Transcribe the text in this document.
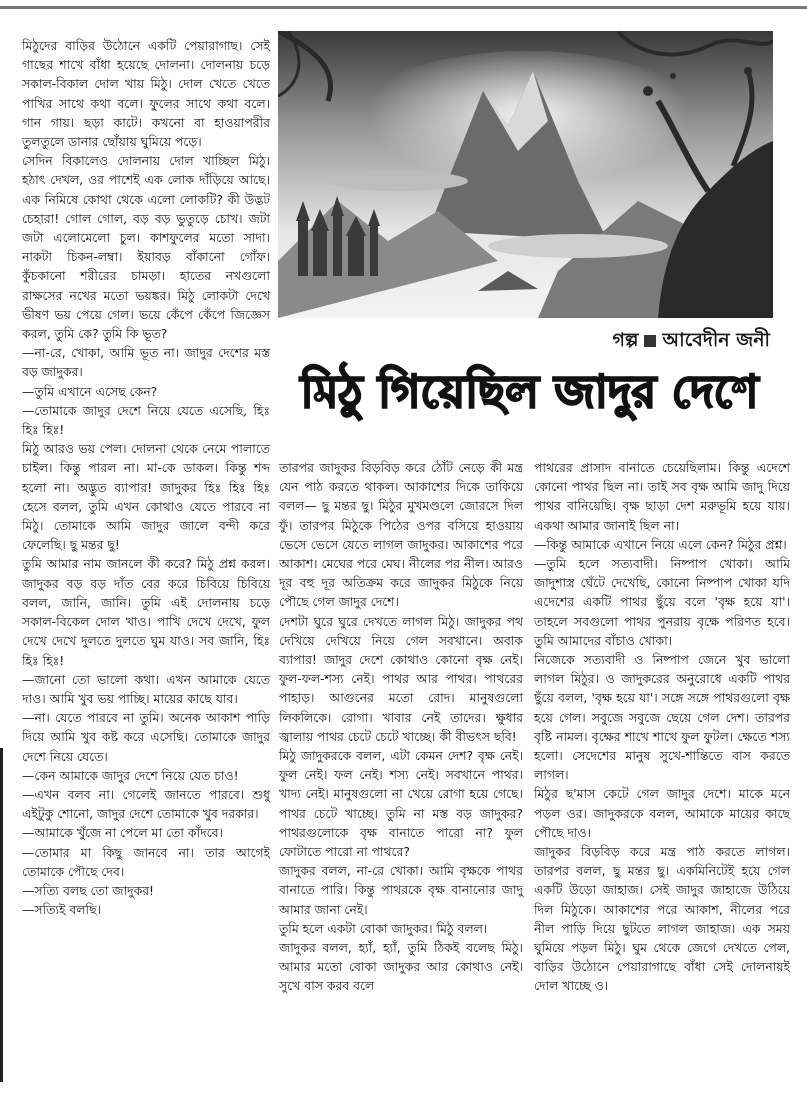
মিঠুদের বাড়ির উঠোনে একটি পেয়ারাগাছ। সেই গাছের শাখে বাঁধা হয়েছে দোলনা। দোলনায় চড়ে সকাল-বিকাল দোল খায় মিঠু। দোল খেতে খেতে পাখির সাথে কথা বলে। ফুলের সাথে কথা বলে। গান গায়। ছড়া কাটে। কখনো বা হাওয়াপরীর তুলতুলে ডানার ছোঁয়ায় ঘুমিয়ে পড়ে।

সেদিন বিকালেও দোলনায় দোল খাচ্ছিল মিঠু। হঠাৎ দেখল, ওর পাশেই এক লোক দাঁড়িয়ে আছে। এক নিমিষে কোথা থেকে এলো লোকটি? কী উদ্ভট চেহারা! গোল গোল, বড় বড় ভুতুড়ে চোখ। জটা জটা এলোমেলো চুল। কাশফুলের মতো সাদা। নাকটা চিকন-লম্বা। ইয়াবড় বাঁকানো গোঁফ। কুঁচকানো শরীরের চামড়া। হাতের নখগুলো রাক্ষসের নখের মতো ভয়ঙ্কর। মিঠু লোকটা দেখে ভীষণ ভয় পেয়ে গেল। ভয়ে কেঁপে কেঁপে জিজ্ঞেস করল, তুমি কে? তুমি কি ভূত?

—না-রে, খোকা, আমি ভূত না। জাদুর দেশের মস্ত বড় জাদুকর।

—তুমি এখানে এসেছ কেন?

—তোমাকে জাদুর দেশে নিয়ে যেতে এসেছি, হিঃ হিঃ হিঃ!

মিঠু আরও ভয় পেল। দোলনা থেকে নেমে পালাতে চাইল। কিন্তু পারল না। মা-কে ডাকল। কিন্তু শব্দ হলো না। অদ্ভুত ব্যাপার! জাদুকর হিঃ হিঃ হিঃ হেসে বলল, তুমি এখন কোথাও যেতে পারবে না মিঠু। তোমাকে আমি জাদুর জালে বন্দী করে ফেলেছি। ছু মন্তর ছু!

তুমি আমার নাম জানলে কী করে? মিঠু প্রশ্ন করল। জাদুকর বড় বড় দাঁত বের করে চিবিয়ে চিবিয়ে বলল, জানি, জানি। তুমি এই দোলনায় চড়ে সকাল-বিকেল দোল খাও। পাখি দেখে দেখে, ফুল দেখে দেখে দুলতে দুলতে ঘুম যাও। সব জানি, হিঃ হিঃ হিঃ!

—জানো তো ভালো কথা। এখন আমাকে যেতে দাও। আমি খুব ভয় পাচ্ছি। মায়ের কাছে যাব।

—না। যেতে পারবে না তুমি। অনেক আকাশ পাড়ি দিয়ে আমি খুব কষ্ট করে এসেছি। তোমাকে জাদুর দেশে নিয়ে যেতে।

—কেন আমাকে জাদুর দেশে নিয়ে যেত চাও!

—এখন বলব না। গেলেই জানতে পারবে। শুধু এইটুকু শোনো, জাদুর দেশে তোমাকে খুব দরকার।

—আমাকে খুঁজে না পেলে মা তো কাঁদবে।

—তোমার মা কিছু জানবে না। তার আগেই তোমাকে পৌছে দেব।

—সত্যি বলছ তো জাদুকর!

—সত্যিই বলছি।

গল্প আবেদীন জনী
মিঠু গিয়েছিল জাদুর দেশে

তারপর জাদুকর বিড়বিড় করে ঠোঁট নেড়ে কী মন্ত্র যেন পাঠ করতে থাকল। আকাশের দিকে তাকিয়ে বলল— ছু মন্তর ছু। মিঠুর মুখমণ্ডলে জোরসে দিল ফুঁ। তারপর মিঠুকে পিঠের ওপর বসিয়ে হাওয়ায় ভেসে ভেসে যেতে লাগল জাদুকর। আকাশের পরে আকাশ। মেঘের পরে মেঘ। নীলের পর নীল। আরও দূর বহু দূর অতিক্রম করে জাদুকর মিঠুকে নিয়ে পৌছে গেল জাদুর দেশে।

দেশটা ঘুরে ঘুরে দেখতে লাগল মিঠু। জাদুকর পথ দেখিয়ে দেখিয়ে নিয়ে গেল সবখানে। অবাক ব্যাপার! জাদুর দেশে কোথাও কোনো বৃক্ষ নেই। ফুল-ফল-শস্য নেই। পাথর আর পাথর। পাথরের পাহাড়। আগুনের মতো রোদ। মানুষগুলো লিকলিকে। রোগা। খাবার নেই তাদের। ক্ষুধার জ্বালায় পাথর চেটে চেটে খাচ্ছে। কী বীভৎস ছবি!

মিঠু জাদুকরকে বলল, এটা কেমন দেশ? বৃক্ষ নেই। ফুল নেই। ফল নেই। শস্য নেই। সবখানে পাথর। খাদ্য নেই। মানুষগুলো না খেয়ে রোগা হয়ে গেছে। পাথর চেটে খাচ্ছে। তুমি না মস্ত বড় জাদুকর? পাথরগুলোকে বৃক্ষ বানাতে পারো না? ফুল ফোটাতে পারো না পাথরে?

জাদুকর বলল, না-রে খোকা। আমি বৃক্ষকে পাথর বানাতে পারি। কিন্তু পাথরকে বৃক্ষ বানানোর জাদু আমার জানা নেই।

তুমি হলে একটা বোকা জাদুকর। মিঠু বলল।

জাদুকর বলল, হ্যাঁ, হ্যাঁ, তুমি ঠিকই বলেছ মিঠু। আমার মতো বোকা জাদুকর আর কোথাও নেই। সুখে বাস করব বলে

পাথরের প্রাসাদ বানাতে চেয়েছিলাম। কিন্তু এদেশে কোনো পাথর ছিল না। তাই সব বৃক্ষ আমি জাদু দিয়ে পাথর বানিয়েছি। বৃক্ষ ছাড়া দেশ মরুভূমি হয়ে যায়। একথা আমার জানাই ছিল না।

—কিন্তু আমাকে এখানে নিয়ে এলে কেন? মিঠুর প্রশ্ন।

—তুমি হলে সত্যবাদী। নিষ্পাপ খোকা। আমি জাদুশাস্ত্র ঘেঁটে দেখেছি, কোনো নিষ্পাপ খোকা যদি এদেশের একটি পাথর ছুঁয়ে বলে 'বৃক্ষ হয়ে যা'। তাহলে সবগুলো পাথর পুনরায় বৃক্ষে পরিণত হবে। তুমি আমাদের বাঁচাও খোকা।

নিজেকে সত্যবাদী ও নিষ্পাপ জেনে খুব ভালো লাগল মিঠুর। ও জাদুকরের অনুরোধে একটি পাথর ছুঁয়ে বলল, 'বৃক্ষ হয়ে যা'। সঙ্গে সঙ্গে পাথরগুলো বৃক্ষ হয়ে গেল। সবুজে সবুজে ছেয়ে গেল দেশ। তারপর বৃষ্টি নামল। বৃক্ষের শাখে শাখে ফুল ফুটল। ক্ষেতে শস্য হলো। সেদেশের মানুষ সুখে-শান্তিতে বাস করতে লাগল।

মিঠুর ছ'মাস কেটে গেল জাদুর দেশে। মাকে মনে পড়ল ওর। জাদুকরকে বলল, আমাকে মায়ের কাছে পৌছে দাও।

জাদুকর বিড়বিড় করে মন্ত্র পাঠ করতে লাগল। তারপর বলল, ছু মন্তর ছু। একমিনিটেই হয়ে গেল একটি উড়ো জাহাজ। সেই জাদুর জাহাজে উঠিয়ে দিল মিঠুকে। আকাশের পরে আকাশ, নীলের পরে নীল পাড়ি দিয়ে ছুটতে লাগল জাহাজ। এক সময় ঘুমিয়ে পড়ল মিঠু। ঘুম থেকে জেগে দেখতে পেল, বাড়ির উঠোনে পেয়ারাগাছে বাঁধা সেই দোলনায়ই দোল খাচ্ছে ও।
